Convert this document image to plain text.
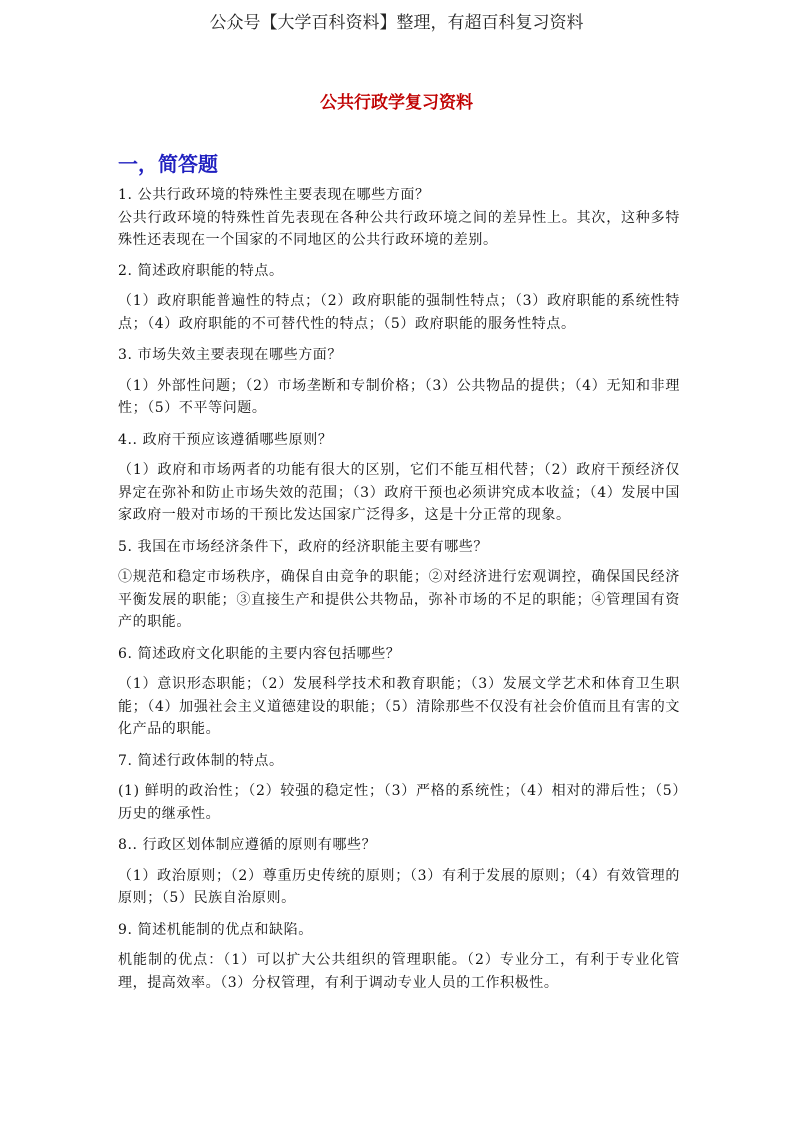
公众号【大学百科资料】整理，有超百科复习资料
公共行政学复习资料
一，简答题

1. 公共行政环境的特殊性主要表现在哪些方面？

公共行政环境的特殊性首先表现在各种公共行政环境之间的差异性上。其次，这种多特殊性还表现在一个国家的不同地区的公共行政环境的差别。

2. 简述政府职能的特点。

（1）政府职能普遍性的特点；（2）政府职能的强制性特点；（3）政府职能的系统性特点；（4）政府职能的不可替代性的特点；（5）政府职能的服务性特点。

3. 市场失效主要表现在哪些方面？

（1）外部性问题；（2）市场垄断和专制价格；（3）公共物品的提供；（4）无知和非理性；（5）不平等问题。

4.. 政府干预应该遵循哪些原则？

（1）政府和市场两者的功能有很大的区别，它们不能互相代替；（2）政府干预经济仅界定在弥补和防止市场失效的范围；（3）政府干预也必须讲究成本收益；（4）发展中国家政府一般对市场的干预比发达国家广泛得多，这是十分正常的现象。

5. 我国在市场经济条件下，政府的经济职能主要有哪些？

①规范和稳定市场秩序，确保自由竞争的职能；②对经济进行宏观调控，确保国民经济平衡发展的职能；③直接生产和提供公共物品，弥补市场的不足的职能；④管理国有资产的职能。

6. 简述政府文化职能的主要内容包括哪些？

（1）意识形态职能；（2）发展科学技术和教育职能；（3）发展文学艺术和体育卫生职能；（4）加强社会主义道德建设的职能；（5）清除那些不仅没有社会价值而且有害的文化产品的职能。

7. 简述行政体制的特点。

(1) 鲜明的政治性；（2）较强的稳定性；（3）严格的系统性；（4）相对的滞后性；（5）历史的继承性。

8.. 行政区划体制应遵循的原则有哪些？

（1）政治原则；（2）尊重历史传统的原则；（3）有利于发展的原则；（4）有效管理的原则；（5）民族自治原则。

9. 简述机能制的优点和缺陷。

机能制的优点：（1）可以扩大公共组织的管理职能。（2）专业分工，有利于专业化管理，提高效率。（3）分权管理，有利于调动专业人员的工作积极性。
